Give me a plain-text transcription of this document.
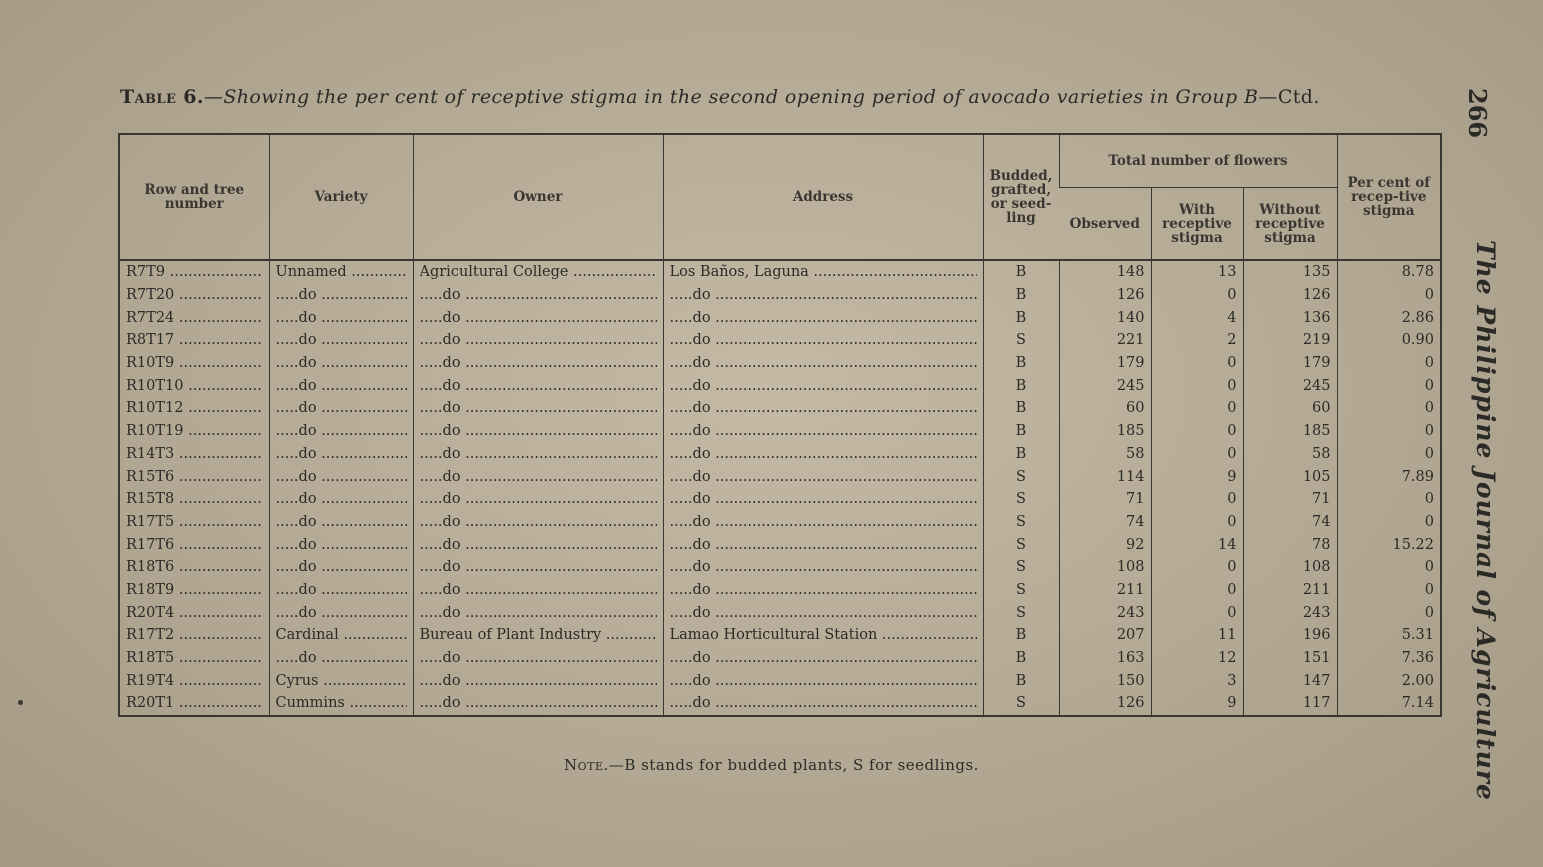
Table 6.—Showing the per cent of receptive stigma in the second opening period of avocado varieties in Group B—Ctd.	266
The Philippine Journal of Agriculture
Row and tree number	Variety	Owner	Address	Budded, grafted, or seed-ling	Total number of flowers			Per cent of recep-tive stigma
					Observed	With receptive stigma	Without receptive stigma	

R7T9 .....	Unnamed .....	Agricultural College .....	Los Baños, Laguna .....	B	148	13	135	8.78

R7T20 .....	.....do .....	.....do .....	.....do .....	B	126	0	126	0

R7T24 .....	.....do .....	.....do .....	.....do .....	B	140	4	136	2.86

R8T17 .....	.....do .....	.....do .....	.....do .....	S	221	2	219	0.90

R10T9 .....	.....do .....	.....do .....	.....do .....	B	179	0	179	0

R10T10 .....	.....do .....	.....do .....	.....do .....	B	245	0	245	0

R10T12 .....	.....do .....	.....do .....	.....do .....	B	60	0	60	0

R10T19 .....	.....do .....	.....do .....	.....do .....	B	185	0	185	0

R14T3 .....	.....do .....	.....do .....	.....do .....	B	58	0	58	0

R15T6 .....	.....do .....	.....do .....	.....do .....	S	114	9	105	7.89

R15T8 .....	.....do .....	.....do .....	.....do .....	S	71	0	71	0

R17T5 .....	.....do .....	.....do .....	.....do .....	S	74	0	74	0

R17T6 .....	.....do .....	.....do .....	.....do .....	S	92	14	78	15.22

R18T6 .....	.....do .....	.....do .....	.....do .....	S	108	0	108	0

R18T9 .....	.....do .....	.....do .....	.....do .....	S	211	0	211	0

R20T4 .....	.....do .....	.....do .....	.....do .....	S	243	0	243	0

R17T2 .....	Cardinal .....	Bureau of Plant Industry .....	Lamao Horticultural Station .....	B	207	11	196	5.31

R18T5 .....	.....do .....	.....do .....	.....do .....	B	163	12	151	7.36

R19T4 .....	Cyrus .....	.....do .....	.....do .....	B	150	3	147	2.00

R20T1 .....	Cummins .....	.....do .....	.....do .....	S	126	9	117	7.14
Note.—B stands for budded plants, S for seedlings.
